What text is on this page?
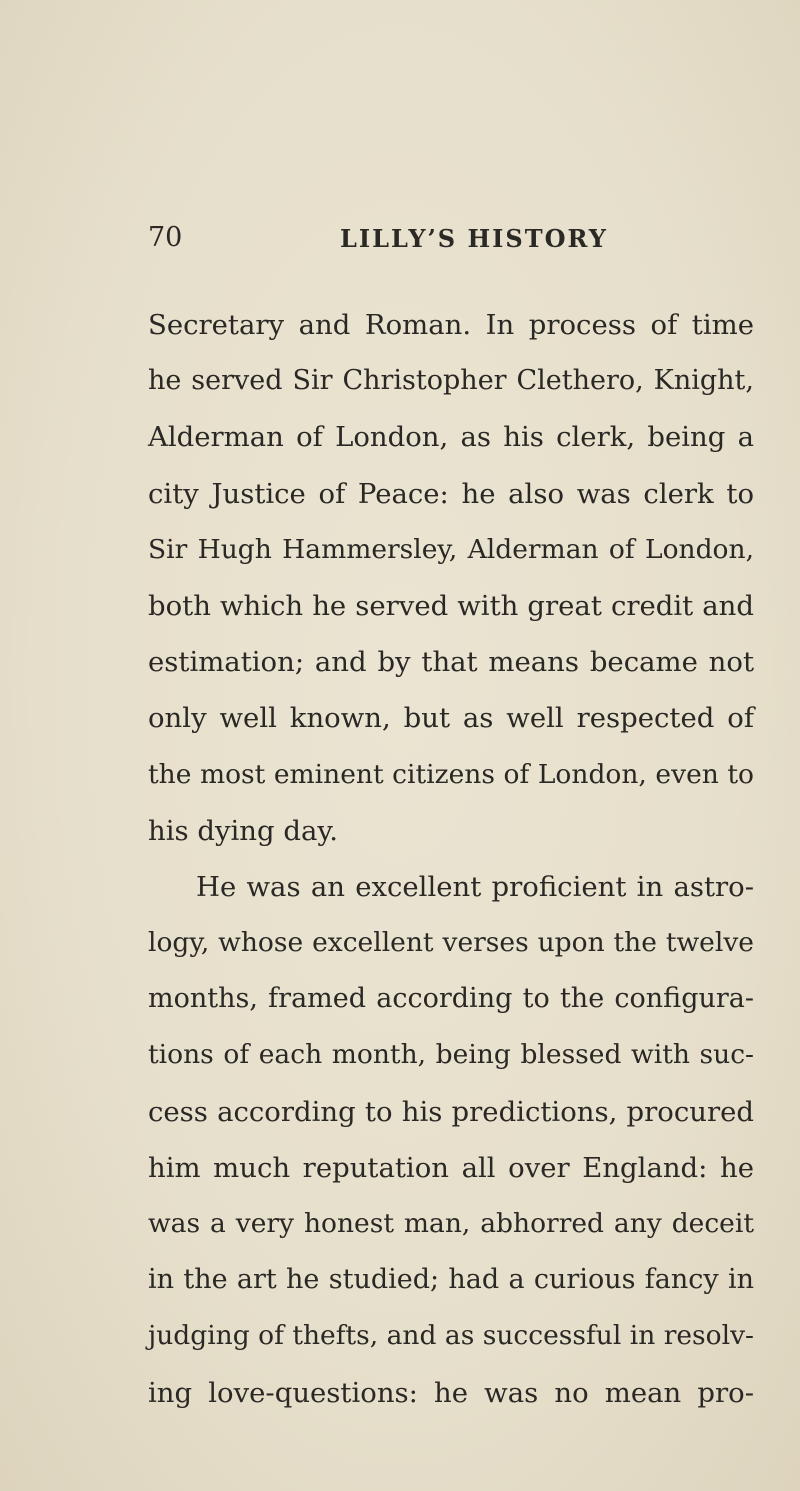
70	LILLY’S HISTORY
Secretary and Roman. In process of time
he served Sir Christopher Clethero, Knight,
Alderman of London, as his clerk, being a
city Justice of Peace: he also was clerk to
Sir Hugh Hammersley, Alderman of London,
both which he served with great credit and
estimation; and by that means became not
only well known, but as well respected of
the most eminent citizens of London, even to
his dying day.
He was an excellent proficient in astro-
logy, whose excellent verses upon the twelve
months, framed according to the configura-
tions of each month, being blessed with suc-
cess according to his predictions, procured
him much reputation all over England: he
was a very honest man, abhorred any deceit
in the art he studied; had a curious fancy in
judging of thefts, and as successful in resolv-
ing love-questions: he was no mean pro-
